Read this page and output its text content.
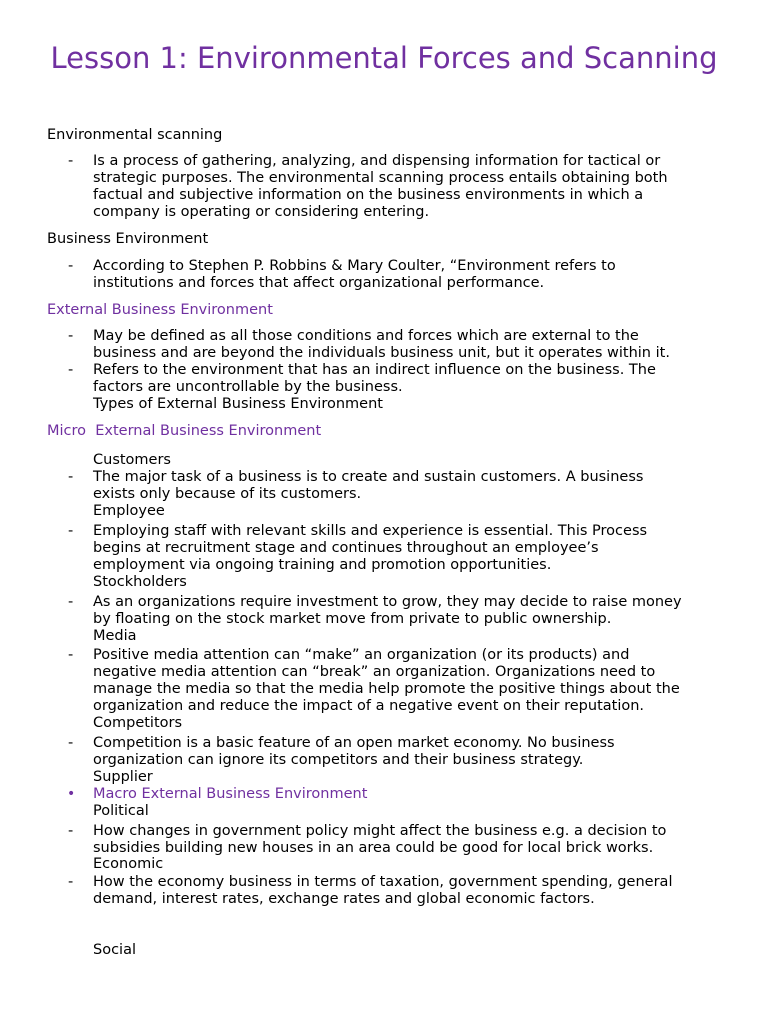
Lesson 1: Environmental Forces and Scanning
Environmental scanning
- Is a process of gathering, analyzing, and dispensing information for tactical or
strategic purposes. The environmental scanning process entails obtaining both
factual and subjective information on the business environments in which a
company is operating or considering entering.
Business Environment
- According to Stephen P. Robbins & Mary Coulter, “Environment refers to
institutions and forces that affect organizational performance.
External Business Environment
- May be defined as all those conditions and forces which are external to the
business and are beyond the individuals business unit, but it operates within it.
- Refers to the environment that has an indirect influence on the business. The
factors are uncontrollable by the business.
Types of External Business Environment
Micro  External Business Environment
Customers
- The major task of a business is to create and sustain customers. A business
exists only because of its customers.
Employee
- Employing staff with relevant skills and experience is essential. This Process
begins at recruitment stage and continues throughout an employee’s
employment via ongoing training and promotion opportunities.
Stockholders
- As an organizations require investment to grow, they may decide to raise money
by floating on the stock market move from private to public ownership.
Media
- Positive media attention can “make” an organization (or its products) and
negative media attention can “break” an organization. Organizations need to
manage the media so that the media help promote the positive things about the
organization and reduce the impact of a negative event on their reputation.
Competitors
- Competition is a basic feature of an open market economy. No business
organization can ignore its competitors and their business strategy.
Supplier
• Macro External Business Environment
Political
- How changes in government policy might affect the business e.g. a decision to
subsidies building new houses in an area could be good for local brick works.
Economic
- How the economy business in terms of taxation, government spending, general
demand, interest rates, exchange rates and global economic factors.
Social
